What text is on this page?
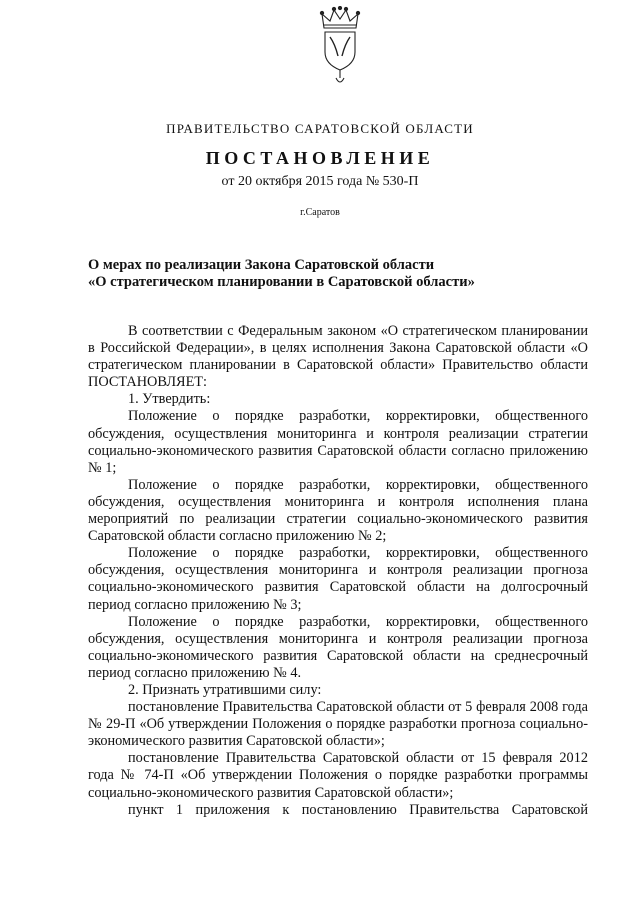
ПРАВИТЕЛЬСТВО САРАТОВСКОЙ ОБЛАСТИ
ПОСТАНОВЛЕНИЕ
от 20 октября 2015 года № 530-П
г.Саратов
О мерах по реализации Закона Саратовской области
«О стратегическом планировании в Саратовской области»

В соответствии с Федеральным законом «О стратегическом планировании в Российской Федерации», в целях исполнения Закона Саратовской области «О стратегическом планировании в Саратовской области» Правительство области ПОСТАНОВЛЯЕТ:

1. Утвердить:

Положение о порядке разработки, корректировки, общественного обсуждения, осуществления мониторинга и контроля реализации стратегии социально-экономического развития Саратовской области согласно приложению № 1;

Положение о порядке разработки, корректировки, общественного обсуждения, осуществления мониторинга и контроля исполнения плана мероприятий по реализации стратегии социально-экономического развития Саратовской области согласно приложению № 2;

Положение о порядке разработки, корректировки, общественного обсуждения, осуществления мониторинга и контроля реализации прогноза социально-экономического развития Саратовской области на долгосрочный период согласно приложению № 3;

Положение о порядке разработки, корректировки, общественного обсуждения, осуществления мониторинга и контроля реализации прогноза социально-экономического развития Саратовской области на среднесрочный период согласно приложению № 4.

2. Признать утратившими силу:

постановление Правительства Саратовской области от 5 февраля 2008 года № 29-П «Об утверждении Положения о порядке разработки прогноза социально-экономического развития Саратовской области»;

постановление Правительства Саратовской области от 15 февраля 2012 года № 74-П «Об утверждении Положения о порядке разработки программы социально-экономического развития Саратовской области»;

пункт 1 приложения к постановлению Правительства Саратовской
